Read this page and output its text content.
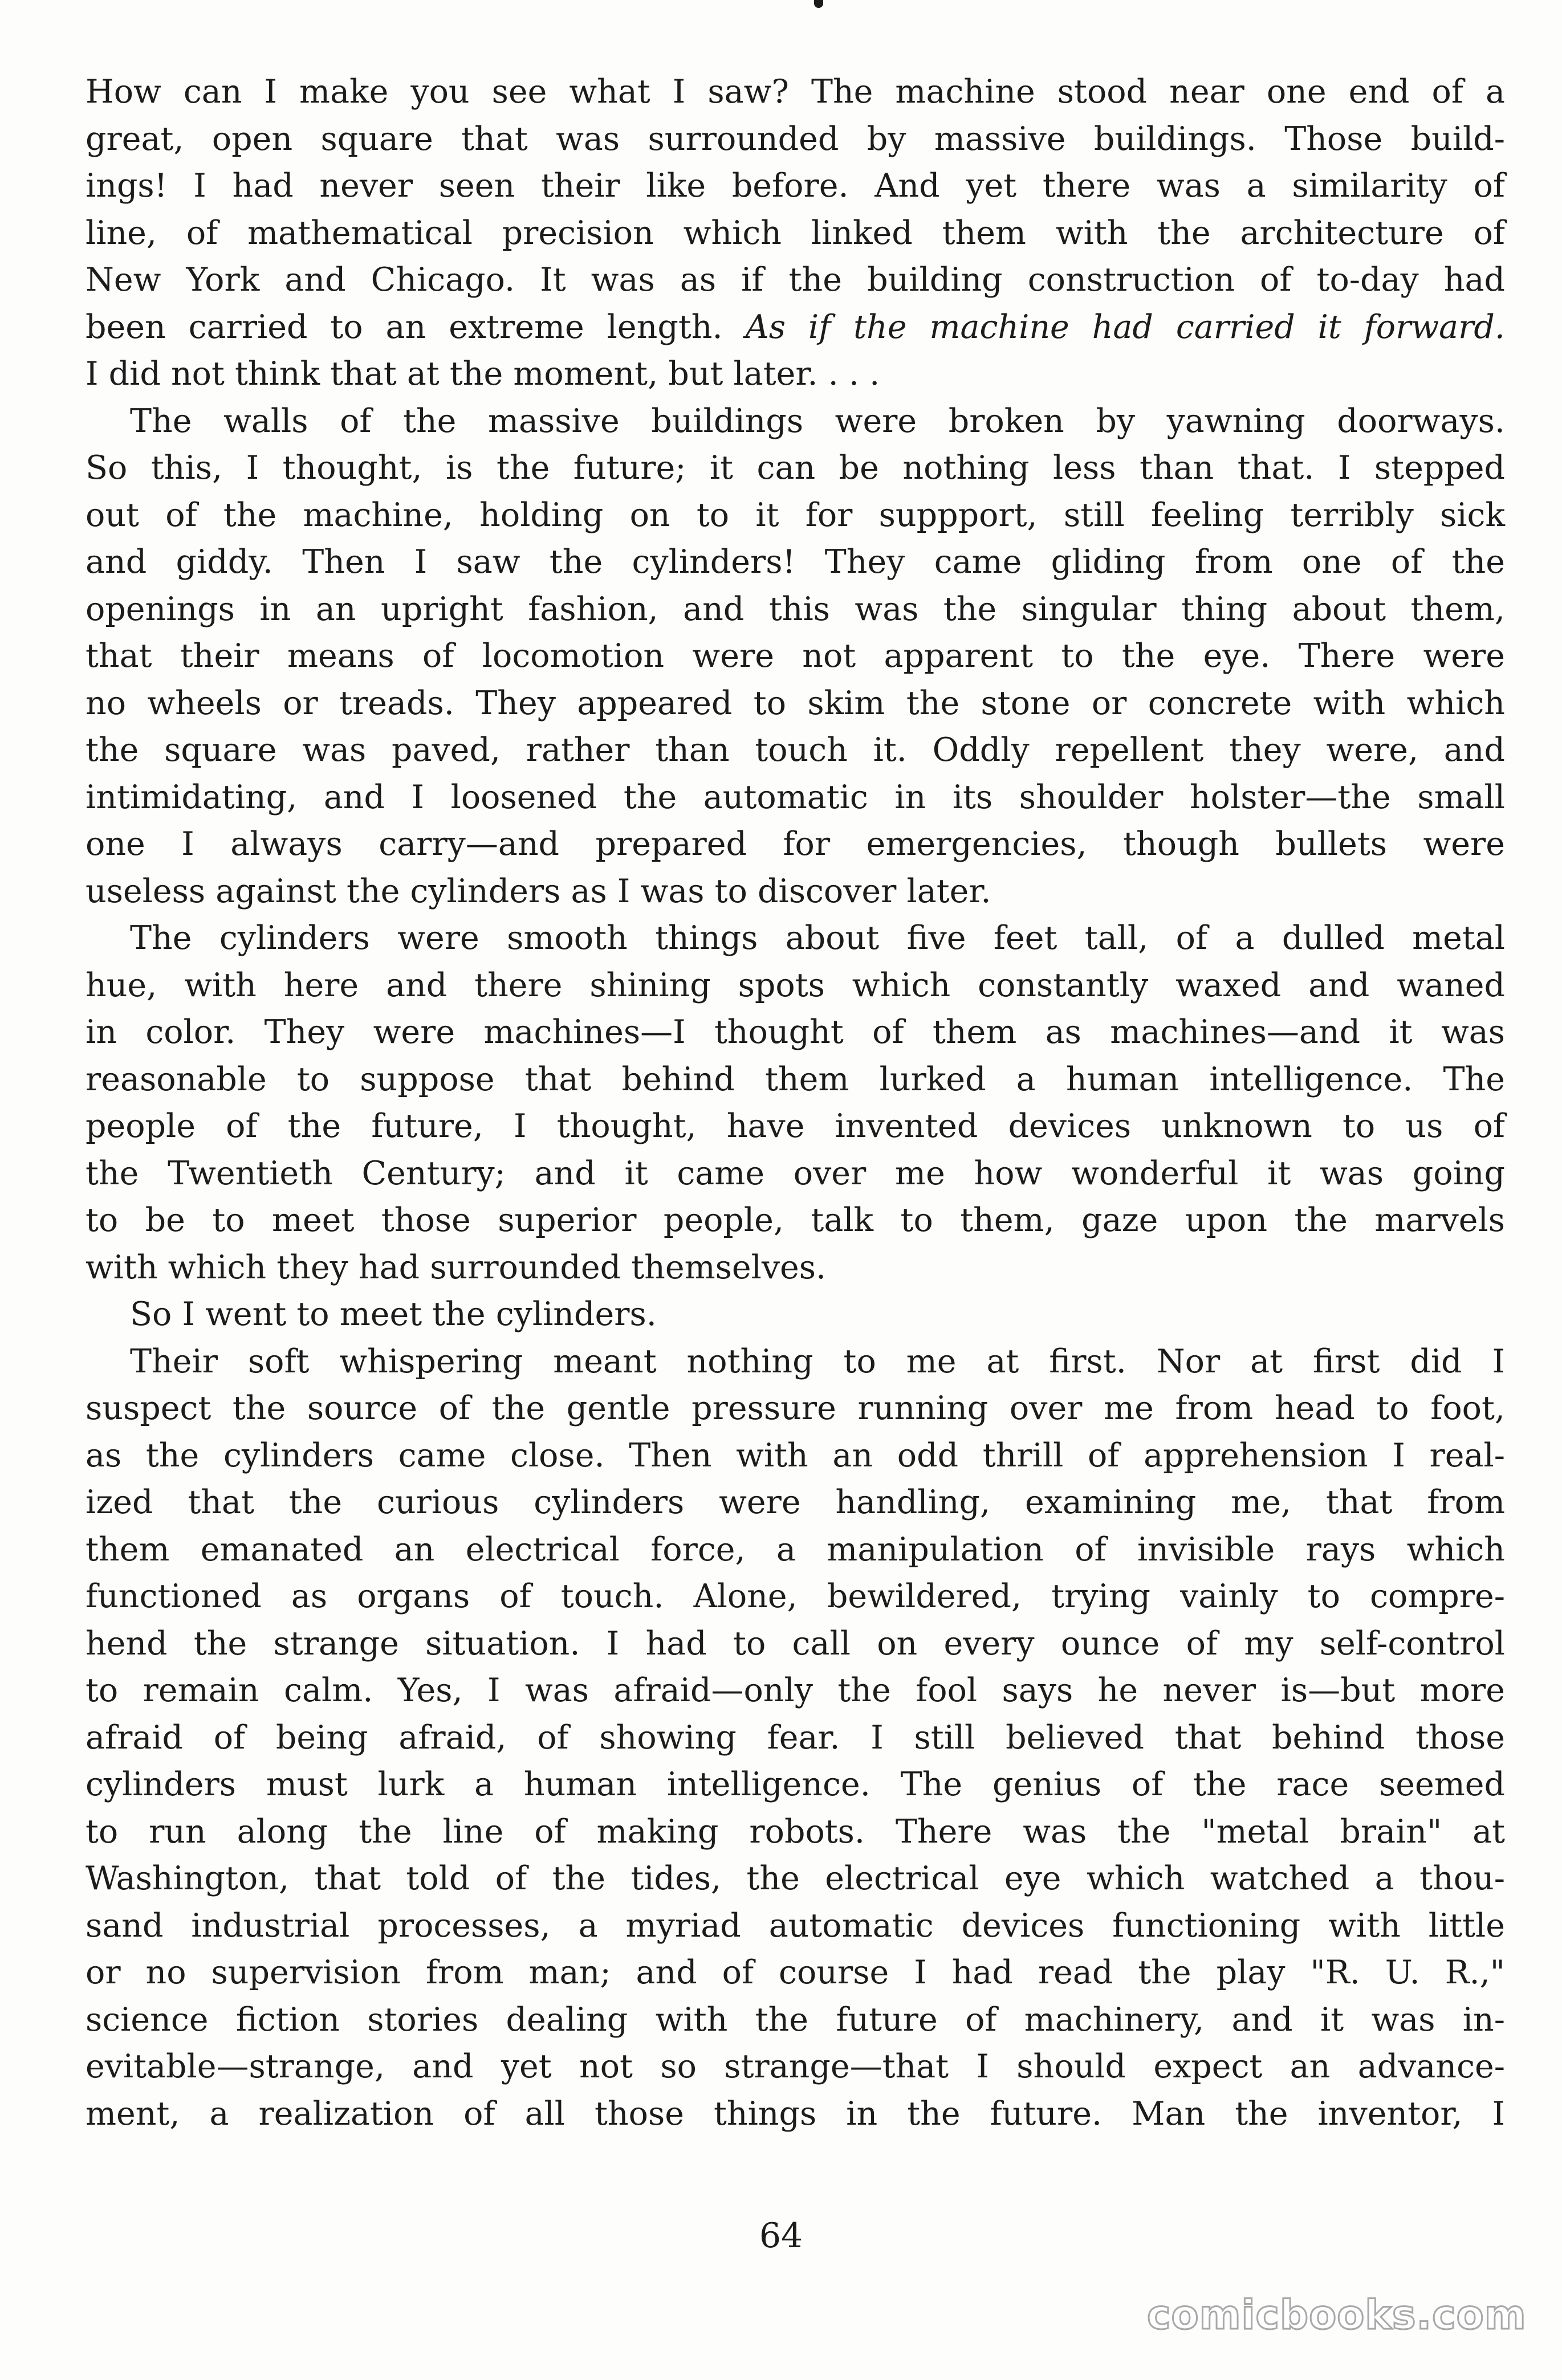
How can I make you see what I saw? The machine stood near one end of a
great, open square that was surrounded by massive buildings. Those build-
ings! I had never seen their like before. And yet there was a similarity of
line, of mathematical precision which linked them with the architecture of
New York and Chicago. It was as if the building construction of to-day had
been carried to an extreme length. As if the machine had carried it forward.
I did not think that at the moment, but later. . . .
The walls of the massive buildings were broken by yawning doorways.
So this, I thought, is the future; it can be nothing less than that. I stepped
out of the machine, holding on to it for suppport, still feeling terribly sick
and giddy. Then I saw the cylinders! They came gliding from one of the
openings in an upright fashion, and this was the singular thing about them,
that their means of locomotion were not apparent to the eye. There were
no wheels or treads. They appeared to skim the stone or concrete with which
the square was paved, rather than touch it. Oddly repellent they were, and
intimidating, and I loosened the automatic in its shoulder holster—the small
one I always carry—and prepared for emergencies, though bullets were
useless against the cylinders as I was to discover later.
The cylinders were smooth things about five feet tall, of a dulled metal
hue, with here and there shining spots which constantly waxed and waned
in color. They were machines—I thought of them as machines—and it was
reasonable to suppose that behind them lurked a human intelligence. The
people of the future, I thought, have invented devices unknown to us of
the Twentieth Century; and it came over me how wonderful it was going
to be to meet those superior people, talk to them, gaze upon the marvels
with which they had surrounded themselves.
So I went to meet the cylinders.
Their soft whispering meant nothing to me at first. Nor at first did I
suspect the source of the gentle pressure running over me from head to foot,
as the cylinders came close. Then with an odd thrill of apprehension I real-
ized that the curious cylinders were handling, examining me, that from
them emanated an electrical force, a manipulation of invisible rays which
functioned as organs of touch. Alone, bewildered, trying vainly to compre-
hend the strange situation. I had to call on every ounce of my self-control
to remain calm. Yes, I was afraid—only the fool says he never is—but more
afraid of being afraid, of showing fear. I still believed that behind those
cylinders must lurk a human intelligence. The genius of the race seemed
to run along the line of making robots. There was the "metal brain" at
Washington, that told of the tides, the electrical eye which watched a thou-
sand industrial processes, a myriad automatic devices functioning with little
or no supervision from man; and of course I had read the play "R. U. R.,"
science fiction stories dealing with the future of machinery, and it was in-
evitable—strange, and yet not so strange—that I should expect an advance-
ment, a realization of all those things in the future. Man the inventor, I
64
comicbooks.com
